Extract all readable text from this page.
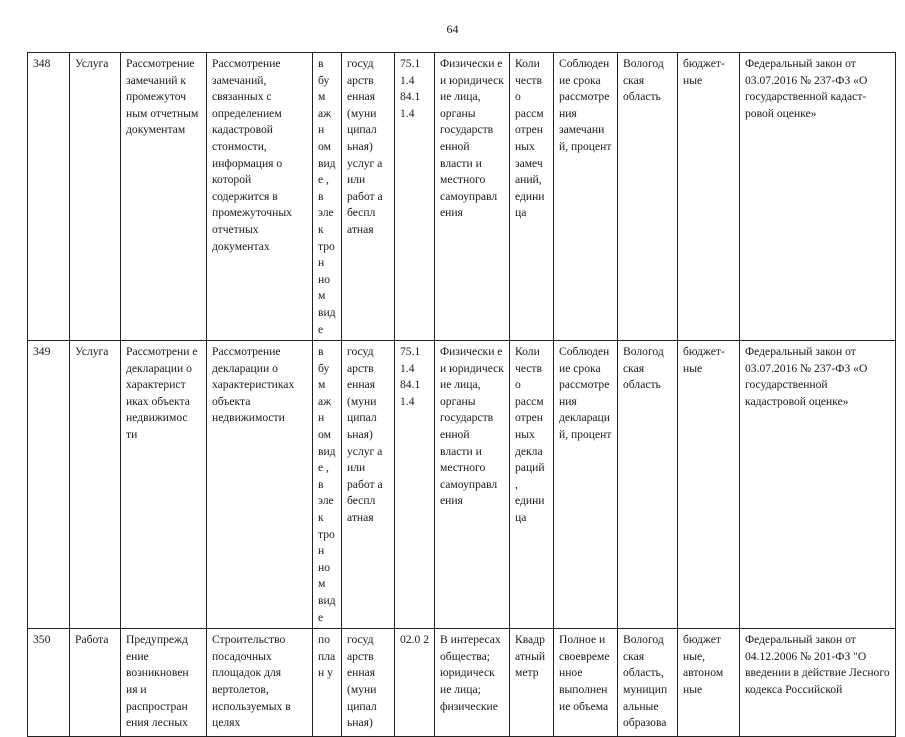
64
348	Услуга	Рассмотрение замечаний к промежуточ ным отчетным документам	Рассмотрение замечаний, связанных с определением кадастровой стоимости, информация о которой содержится в промежуточных отчетных документах	в бум ажн ом виде , в элек трон ном виде	госуд арств енная (муни ципал ьная) услуг а или работ а беспл атная	75.1 1.4 84.1 1.4	Физически е и юридическ ие лица, органы государств енной власти и местного самоуправл ения	Коли честв о рассм отрен ных замеч аний, едини ца	Соблюден ие срока рассмотре ния замечани й, процент	Вологод ская область	бюджет- ные	Федеральный закон от 03.07.2016 № 237-ФЗ «О государственной кадаст-ровой оценке»

349	Услуга	Рассмотрени е декларации о характерист иках объекта недвижимос ти	Рассмотрение декларации о характеристиках объекта недвижимости	в бум ажн ом виде , в элек трон ном виде	госуд арств енная (муни ципал ьная) услуг а или работ а беспл атная	75.1 1.4 84.1 1.4	Физически е и юридическ ие лица, органы государств енной власти и местного самоуправл ения	Коли честв о рассм отрен ных декла раций , едини ца	Соблюден ие срока рассмотре ния деклараци й, процент	Вологод ская область	бюджет- ные	Федеральный закон от 03.07.2016 № 237-ФЗ «О государственной кадастровой оценке»

350	Работа	Предупрежд ение возникновен ия и распростран ения лесных	Строительство посадочных площадок для вертолетов, используемых в целях	по план у	госуд арств енная (муни ципал ьная)	02.0 2	В интересах общества; юридическ ие лица; физические	Квадр атный метр	Полное и своевреме нное выполнен ие объема	Вологод ская область, муницип альные образова	бюджет ные, автоном ные	Федеральный закон от 04.12.2006 № 201-ФЗ "О введении в действие Лесного кодекса Российской
